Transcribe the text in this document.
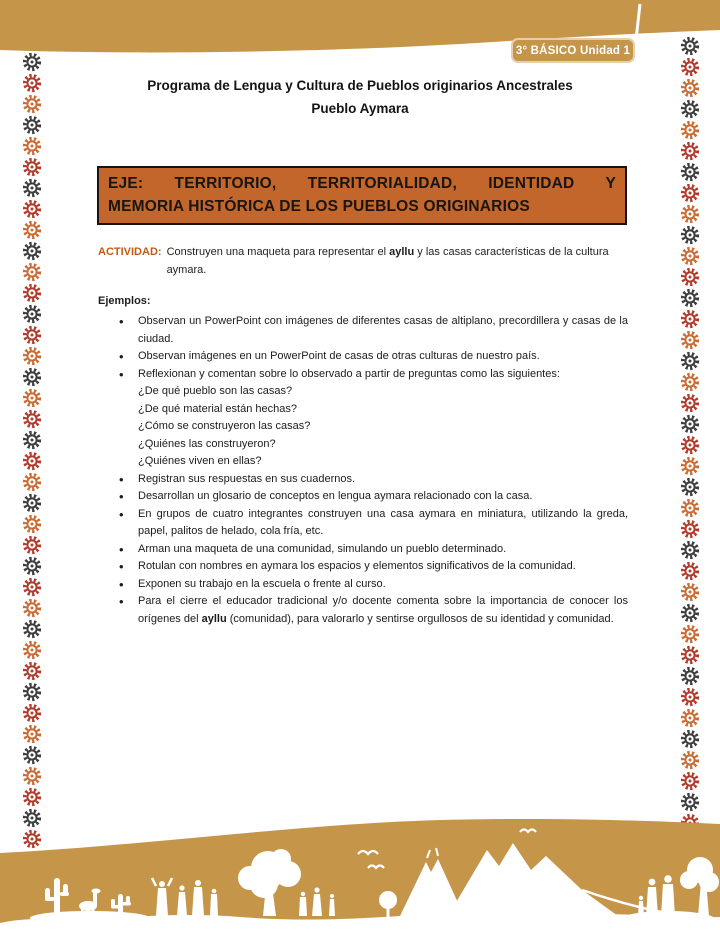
3° BÁSICO Unidad 1
Programa de Lengua y Cultura de Pueblos originarios Ancestrales
Pueblo Aymara
EJE: TERRITORIO, TERRITORIALIDAD, IDENTIDAD Y
MEMORIA HISTÓRICA DE LOS PUEBLOS ORIGINARIOS
ACTIVIDAD: Construyen una maqueta para representar el ayllu y las casas características de la cultura aymara.
Ejemplos:
• Observan un PowerPoint con imágenes de diferentes casas de altiplano, precordillera y casas de la ciudad.
• Observan imágenes en un PowerPoint de casas de otras culturas de nuestro país.
• Reflexionan y comentan sobre lo observado a partir de preguntas como las siguientes:
¿De qué pueblo son las casas?
¿De qué material están hechas?
¿Cómo se construyeron las casas?
¿Quiénes las construyeron?
¿Quiénes viven en ellas?
• Registran sus respuestas en sus cuadernos.
• Desarrollan un glosario de conceptos en lengua aymara relacionado con la casa.
• En grupos de cuatro integrantes construyen una casa aymara en miniatura, utilizando la greda, papel, palitos de helado, cola fría, etc.
• Arman una maqueta de una comunidad, simulando un pueblo determinado.
• Rotulan con nombres en aymara los espacios y elementos significativos de la comunidad.
• Exponen su trabajo en la escuela o frente al curso.
• Para el cierre el educador tradicional y/o docente comenta sobre la importancia de conocer los orígenes del ayllu (comunidad), para valorarlo y sentirse orgullosos de su identidad y comunidad.
